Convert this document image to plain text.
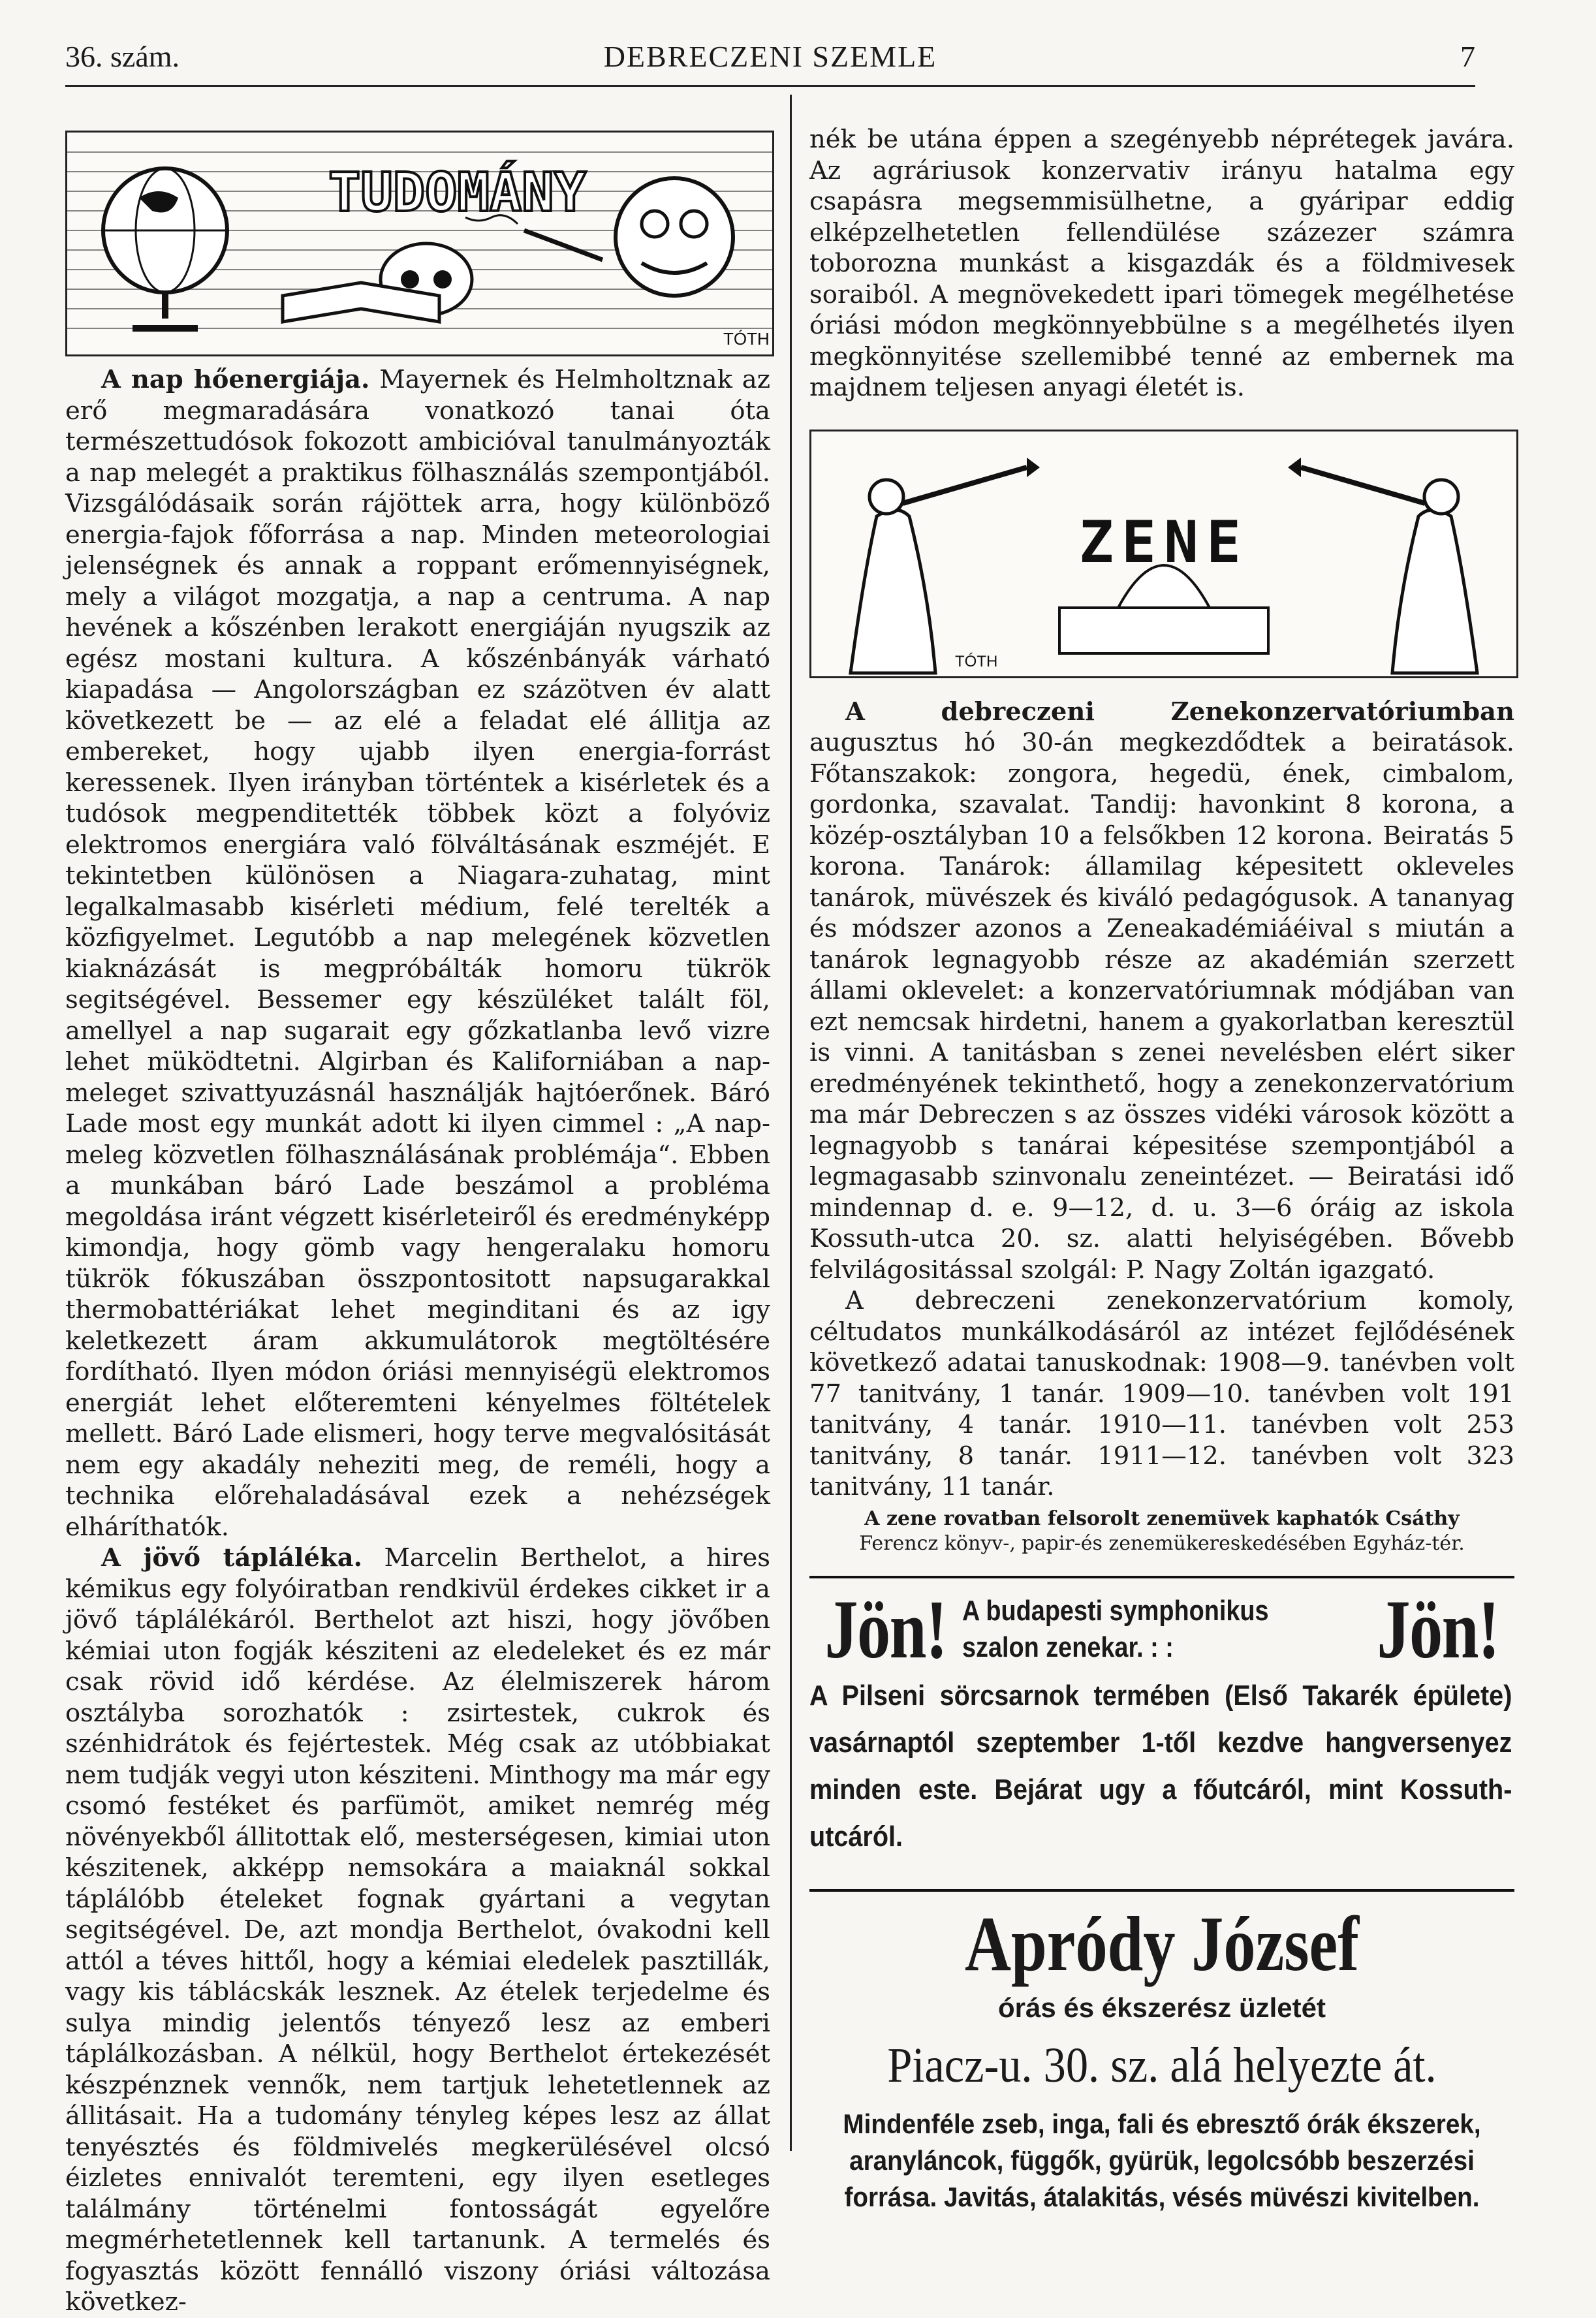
36. szám.	DEBRECZENI SZEMLE	7
TUDOMÁNY
TÓTH

A nap hőenergiája. Mayernek és Helmholtznak az erő megmaradására vonatkozó tanai óta természettudósok fokozott ambicióval tanulmányozták a nap melegét a praktikus fölhasználás szempontjából. Vizsgálódásaik során rájöttek arra, hogy különböző energia-fajok főforrása a nap. Minden meteorologiai jelenségnek és annak a roppant erőmennyiségnek, mely a világot mozgatja, a nap a centruma. A nap hevének a kőszénben lerakott energiáján nyugszik az egész mostani kultura. A kőszénbányák várható kiapadása — Angolországban ez százötven év alatt következett be — az elé a feladat elé állitja az embereket, hogy ujabb ilyen energia-forrást keressenek. Ilyen irányban történtek a kisérletek és a tudósok megpenditették többek közt a folyóviz elektromos energiára való fölváltásának eszméjét. E tekintetben különösen a Niagara-zuhatag, mint legalkalmasabb kisérleti médium, felé terelték a közfigyelmet. Legutóbb a nap melegének közvetlen kiaknázását is megpróbálták homoru tükrök segitségével. Bessemer egy készüléket talált föl, amellyel a nap sugarait egy gőzkatlanba levő vizre lehet müködtetni. Algirban és Kaliforniában a nap-meleget szivattyuzásnál használják hajtóerőnek. Báró Lade most egy munkát adott ki ilyen cimmel : „A nap-meleg közvetlen fölhasználásának problémája“. Ebben a munkában báró Lade beszámol a probléma megoldása iránt végzett kisérleteiről és eredményképp kimondja, hogy gömb vagy hengeralaku homoru tükrök fókuszában összpontositott napsugarakkal thermobattériákat lehet meginditani és az igy keletkezett áram akkumulátorok megtöltésére fordítható. Ilyen módon óriási mennyiségü elektromos energiát lehet előteremteni kényelmes föltételek mellett. Báró Lade elismeri, hogy terve megvalósitását nem egy akadály neheziti meg, de reméli, hogy a technika előrehaladásával ezek a nehézségek elháríthatók.

A jövő tápláléka. Marcelin Berthelot, a hires kémikus egy folyóiratban rendkivül érdekes cikket ir a jövő táplálékáról. Berthelot azt hiszi, hogy jövőben kémiai uton fogják késziteni az eledeleket és ez már csak rövid idő kérdése. Az élelmiszerek három osztályba sorozhatók : zsirtestek, cukrok és szénhidrátok és fejértestek. Még csak az utóbbiakat nem tudják vegyi uton késziteni. Minthogy ma már egy csomó festéket és parfümöt, amiket nemrég még növényekből állitottak elő, mesterségesen, kimiai uton készitenek, akképp nemsokára a maiaknál sokkal táplálóbb ételeket fognak gyártani a vegytan segitségével. De, azt mondja Berthelot, óvakodni kell attól a téves hittől, hogy a kémiai eledelek pasztillák, vagy kis táblácskák lesznek. Az ételek terjedelme és sulya mindig jelentős tényező lesz az emberi táplálkozásban. A nélkül, hogy Berthelot értekezését készpénznek vennők, nem tartjuk lehetetlennek az állitásait. Ha a tudomány tényleg képes lesz az állat tenyésztés és földmivelés megkerülésével olcsó éizletes ennivalót teremteni, egy ilyen esetleges találmány történelmi fontosságát egyelőre megmérhetetlennek kell tartanunk. A termelés és fogyasztás között fennálló viszony óriási változása következ-

nék be utána éppen a szegényebb néprétegek javára. Az agráriusok konzervativ irányu hatalma egy csapásra megsemmisülhetne, a gyáripar eddig elképzelhetetlen fellendülése százezer számra toborozna munkást a kisgazdák és a földmivesek soraiból. A megnövekedett ipari tömegek megélhetése óriási módon megkönnyebbülne s a megélhetés ilyen megkönnyitése szellemibbé tenné az embernek ma majdnem teljesen anyagi életét is.

ZENE
TÓTH

A debreczeni Zenekonzervatóriumban augusztus hó 30-án megkezdődtek a beiratások. Főtanszakok: zongora, hegedü, ének, cimbalom, gordonka, szavalat. Tandij: havonkint 8 korona, a közép-osztályban 10 a felsőkben 12 korona. Beiratás 5 korona. Tanárok: államilag képesitett okleveles tanárok, müvészek és kiváló pedagógusok. A tananyag és módszer azonos a Zeneakadémiáéival s miután a tanárok legnagyobb része az akadémián szerzett állami oklevelet: a konzervatóriumnak módjában van ezt nemcsak hirdetni, hanem a gyakorlatban keresztül is vinni. A tanitásban s zenei nevelésben elért siker eredményének tekinthető, hogy a zenekonzervatórium ma már Debreczen s az összes vidéki városok között a legnagyobb s tanárai képesitése szempontjából a legmagasabb szinvonalu zeneintézet. — Beiratási idő mindennap d. e. 9—12, d. u. 3—6 óráig az iskola Kossuth-utca 20. sz. alatti helyiségében. Bővebb felvilágositással szolgál: P. Nagy Zoltán igazgató.

A debreczeni zenekonzervatórium komoly, céltudatos munkálkodásáról az intézet fejlődésének következő adatai tanuskodnak: 1908—9. tanévben volt 77 tanitvány, 1 tanár. 1909—10. tanévben volt 191 tanitvány, 4 tanár. 1910—11. tanévben volt 253 tanitvány, 8 tanár. 1911—12. tanévben volt 323 tanitvány, 11 tanár.

A zene rovatban felsorolt zenemüvek kaphatók Csáthy
Ferencz könyv-, papir-és zenemükereskedésében Egyház-tér.

Jön! A budapesti symphonikus szalon zenekar. : :	Jön!

A Pilseni sörcsarnok termében (Első Takarék épülete) vasárnaptól szeptember 1-től kezdve hangversenyez minden este. Bejárat ugy a főutcáról, mint Kossuth-utcáról.

Apródy József
órás és ékszerész üzletét
Piacz-u. 30. sz. alá helyezte át.
Mindenféle zseb, inga, fali és ebresztő órák ékszerek, aranyláncok, függők, gyürük, legolcsóbb beszerzési forrása. Javitás, átalakitás, vésés müvészi kivitelben.
